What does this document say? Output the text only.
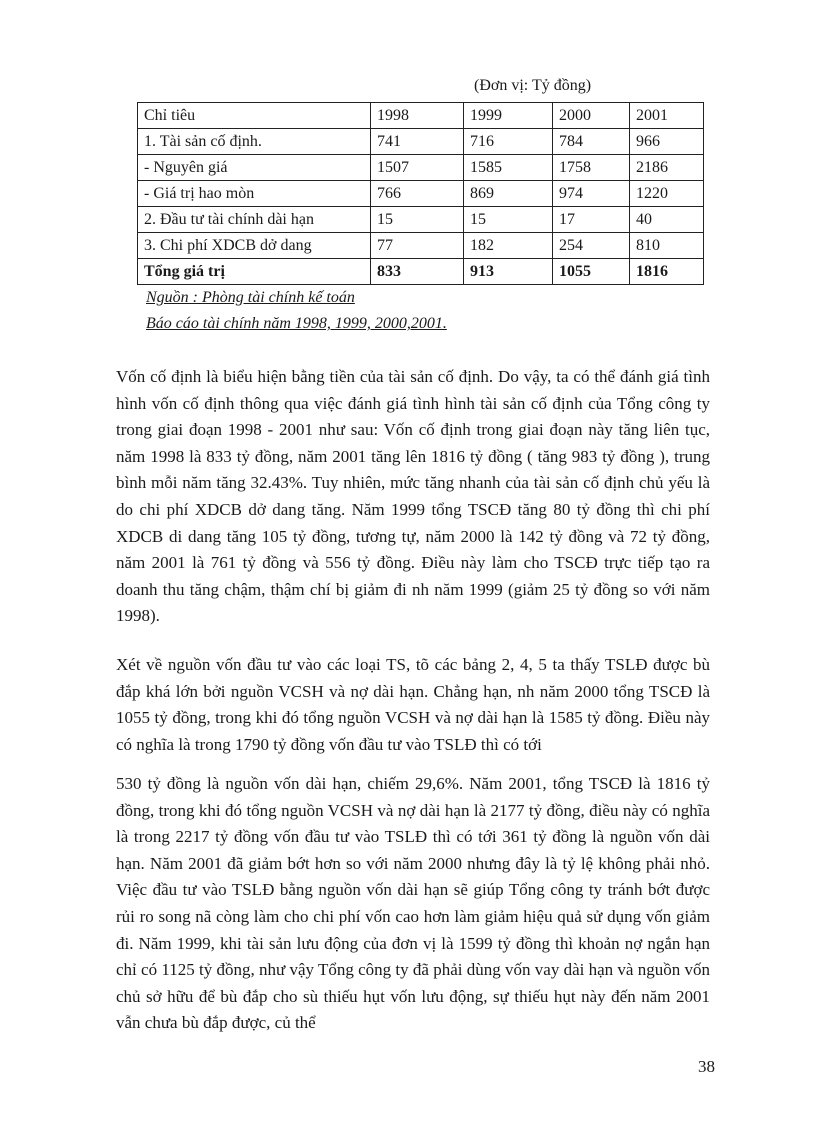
(Đơn vị: Tỷ đồng)
Chỉ tiêu	1998	1999	2000	2001
1. Tài sản cố định.	741	716	784	966
- Nguyên giá	1507	1585	1758	2186
- Giá trị hao mòn	766	869	974	1220
2. Đầu tư tài chính dài hạn	15	15	17	40
3. Chi phí XDCB dở dang	77	182	254	810
Tổng giá trị	833	913	1055	1816
Nguồn : Phòng tài chính kế toán
Báo cáo tài chính năm 1998, 1999, 2000,2001.

Vốn cố định là biểu hiện bằng tiền của tài sản cố định. Do vậy, ta có thể đánh giá tình hình vốn cố định thông qua việc đánh giá tình hình tài sản cố định của Tổng công ty trong giai đoạn 1998 - 2001 như sau: Vốn cố định trong giai đoạn này tăng liên tục, năm 1998 là 833 tỷ đồng, năm 2001 tăng lên 1816 tỷ đồng ( tăng 983 tỷ đồng ), trung bình mỗi năm tăng 32.43%. Tuy nhiên, mức tăng nhanh của tài sản cố định chủ yếu là do chi phí XDCB dở dang tăng. Năm 1999 tổng TSCĐ tăng 80 tỷ đồng thì chi phí XDCB di dang tăng 105 tỷ đồng, tương tự, năm 2000 là 142 tỷ đồng và 72 tỷ đồng, năm 2001 là 761 tỷ đồng và 556 tỷ đồng. Điều này làm cho TSCĐ trực tiếp tạo ra doanh thu tăng chậm, thậm chí bị giảm đi nh năm 1999 (giảm 25 tỷ đồng so với năm 1998).

Xét về nguồn vốn đầu tư vào các loại TS, tõ các bảng 2, 4, 5 ta thấy TSLĐ được bù đắp khá lớn bởi nguồn VCSH và nợ dài hạn. Chẳng hạn, nh năm 2000 tổng TSCĐ là 1055 tỷ đồng, trong khi đó tổng nguồn VCSH và nợ dài hạn là 1585 tỷ đồng. Điều này có nghĩa là trong 1790 tỷ đồng vốn đầu tư vào TSLĐ thì có tới

530 tỷ đồng là nguồn vốn dài hạn, chiếm 29,6%. Năm 2001, tổng TSCĐ là 1816 tỷ đồng, trong khi đó tổng nguồn VCSH và nợ dài hạn là 2177 tỷ đồng, điều này có nghĩa là trong 2217 tỷ đồng vốn đầu tư vào TSLĐ thì có tới 361 tỷ đồng là nguồn vốn dài hạn. Năm 2001 đã giảm bớt hơn so với năm 2000 nhưng đây là tỷ lệ không phải nhỏ. Việc đầu tư vào TSLĐ bằng nguồn vốn dài hạn sẽ giúp Tổng công ty tránh bớt được rủi ro song nã còng làm cho chi phí vốn cao hơn làm giảm hiệu quả sử dụng vốn giảm đi. Năm 1999, khi tài sản lưu động của đơn vị là 1599 tỷ đồng thì khoản nợ ngắn hạn chỉ có 1125 tỷ đồng, như vậy Tổng công ty đã phải dùng vốn vay dài hạn và nguồn vốn chủ sở hữu để bù đắp cho sù thiếu hụt vốn lưu động, sự thiếu hụt này đến năm 2001 vẫn chưa bù đắp được, củ thể

38
